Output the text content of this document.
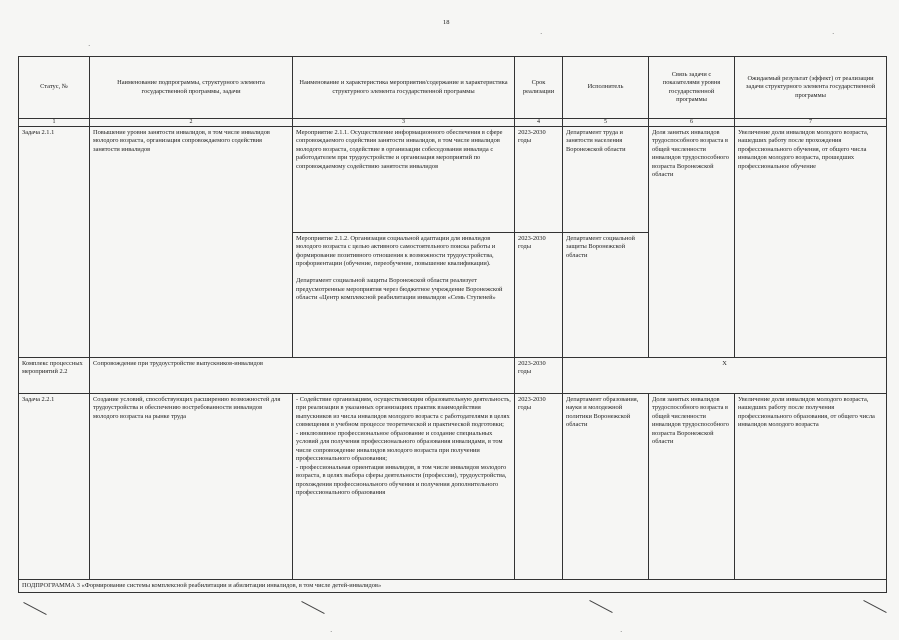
18
Статус, №	Наименование подпрограммы, структурного элемента государственной программы, задачи	Наименование и характеристика мероприятия/содержание и характеристика структурного элемента государственной программы	Срок реализации	Исполнитель	Связь задачи с показателями уровня государственной программы	Ожидаемый результат (эффект) от реализации задачи структурного элемента государственной программы
1	2	3	4	5	6	7
Задача 2.1.1	Повышение уровня занятости инвалидов, в том числе инвалидов молодого возраста, организация сопровождаемого содействия занятости инвалидов	Мероприятие 2.1.1. Осуществление информационного обеспечения в сфере сопровождаемого содействия занятости инвалидов, в том числе инвалидов молодого возраста, содействие в организации собеседования инвалида с работодателем при трудоустройстве и организация мероприятий по сопровождаемому содействию занятости инвалидов	2023-2030 годы	Департамент труда и занятости населения Воронежской области	Доля занятых инвалидов трудоспособного возраста в общей численности инвалидов трудоспособного возраста Воронежской области	Увеличение доли инвалидов молодого возраста, нашедших работу после прохождения профессионального обучения, от общего числа инвалидов молодого возраста, прошедших профессиональное обучение
		Мероприятие 2.1.2. Организация социальной адаптации для инвалидов молодого возраста с целью активного самостоятельного поиска работы и формирование позитивного отношения к возможности трудоустройства, профориентации (обучение, переобучение, повышение квалификации).

Департамент социальной защиты Воронежской области реализует предусмотренные мероприятия через бюджетное учреждение Воронежской области «Центр комплексной реабилитации инвалидов «Семь Ступеней»	2023-2030 годы	Департамент социальной защиты Воронежской области		
Комплекс процессных мероприятий 2.2	Сопровождение при трудоустройстве выпускников-инвалидов		2023-2030 годы	X		
Задача 2.2.1	Создание условий, способствующих расширению возможностей для трудоустройства и обеспечению востребованности инвалидов молодого возраста на рынке труда	- Содействие организациям, осуществляющим образовательную деятельность, при реализации в указанных организациях практик взаимодействия выпускников из числа инвалидов молодого возраста с работодателями в целях совмещения в учебном процессе теоретической и практической подготовки;
- инклюзивное профессиональное образование и создание специальных условий для получения профессионального образования инвалидами, в том числе сопровождение инвалидов молодого возраста при получении профессионального образования;
- профессиональная ориентация инвалидов, в том числе инвалидов молодого возраста, в целях выбора сферы деятельности (профессии), трудоустройства, прохождения профессионального обучения и получения дополнительного профессионального образования	2023-2030 годы	Департамент образования, науки и молодежной политики Воронежской области	Доля занятых инвалидов трудоспособного возраста в общей численности инвалидов трудоспособного возраста Воронежской области	Увеличение доли инвалидов молодого возраста, нашедших работу после получения профессионального образования, от общего числа инвалидов молодого возраста
ПОДПРОГРАММА 3 «Формирование системы комплексной реабилитации и абилитации инвалидов, в том числе детей-инвалидов»						
·
·	·
·	·
